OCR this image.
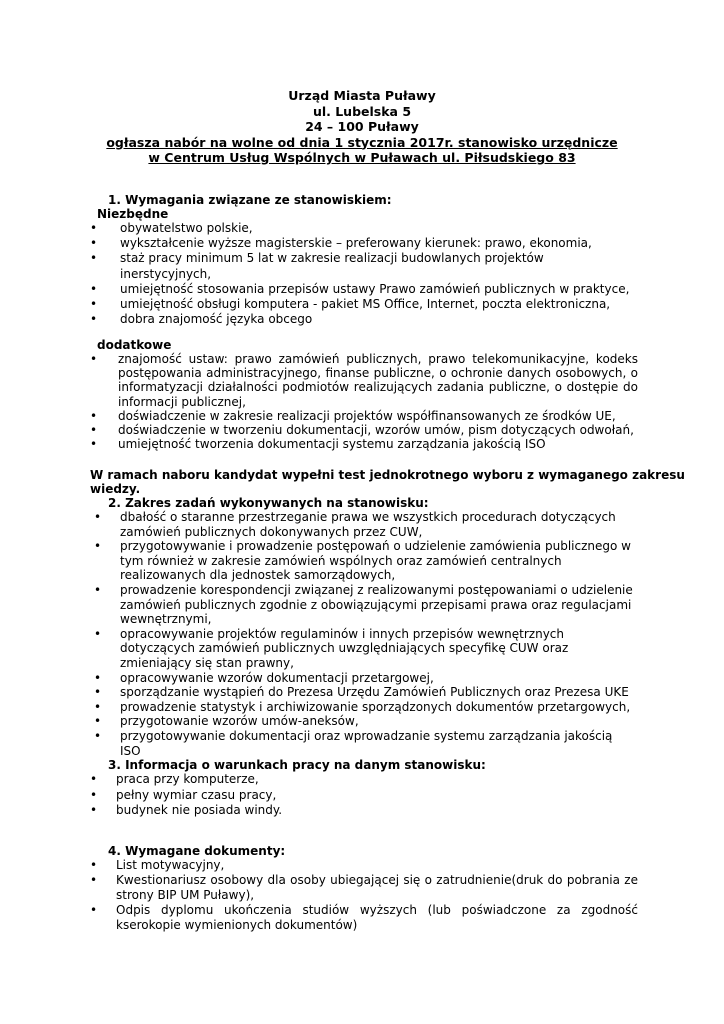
Urząd Miasta Puławy
ul. Lubelska 5
24 – 100 Puławy
ogłasza nabór na wolne od dnia 1 stycznia 2017r. stanowisko urzędnicze
w Centrum Usług Wspólnych w Puławach ul. Piłsudskiego 83
1. Wymagania związane ze stanowiskiem:
Niezbędne
• obywatelstwo polskie,
• wykształcenie wyższe magisterskie – preferowany kierunek: prawo, ekonomia,
• staż pracy minimum 5 lat w zakresie realizacji budowlanych projektów inerstycyjnych,
• umiejętność stosowania przepisów ustawy Prawo zamówień publicznych w praktyce,
• umiejętność obsługi komputera - pakiet MS Office, Internet, poczta elektroniczna,
• dobra znajomość języka obcego
dodatkowe
• znajomość ustaw: prawo zamówień publicznych, prawo telekomunikacyjne, kodeks postępowania administracyjnego, finanse publiczne, o ochronie danych osobowych, o informatyzacji działalności podmiotów realizujących zadania publiczne, o dostępie do informacji publicznej,
• doświadczenie w zakresie realizacji projektów współfinansowanych ze środków UE,
• doświadczenie w tworzeniu dokumentacji, wzorów umów, pism dotyczących odwołań,
• umiejętność tworzenia dokumentacji systemu zarządzania jakością ISO
W ramach naboru kandydat wypełni test jednokrotnego wyboru z wymaganego zakresu wiedzy.
2. Zakres zadań wykonywanych na stanowisku:
• dbałość o staranne przestrzeganie prawa we wszystkich procedurach dotyczących zamówień publicznych dokonywanych przez CUW,
• przygotowywanie i prowadzenie postępowań o udzielenie zamówienia publicznego w tym również w zakresie zamówień wspólnych oraz zamówień centralnych realizowanych dla jednostek samorządowych,
• prowadzenie korespondencji związanej z realizowanymi postępowaniami o udzielenie zamówień publicznych zgodnie z obowiązującymi przepisami prawa oraz regulacjami wewnętrznymi,
• opracowywanie projektów regulaminów i innych przepisów wewnętrznych dotyczących zamówień publicznych uwzględniających specyfikę CUW oraz zmieniający się stan prawny,
• opracowywanie wzorów dokumentacji przetargowej,
• sporządzanie wystąpień do Prezesa Urzędu Zamówień Publicznych oraz Prezesa UKE
• prowadzenie statystyk i archiwizowanie sporządzonych dokumentów przetargowych,
• przygotowanie wzorów umów-aneksów,
• przygotowywanie dokumentacji oraz wprowadzanie systemu zarządzania jakością ISO
3. Informacja o warunkach pracy na danym stanowisku:
• praca przy komputerze,
• pełny wymiar czasu pracy,
• budynek nie posiada windy.
4. Wymagane dokumenty:
• List motywacyjny,
• Kwestionariusz osobowy dla osoby ubiegającej się o zatrudnienie(druk do pobrania ze strony BIP UM Puławy),
• Odpis dyplomu ukończenia studiów wyższych (lub poświadczone za zgodność kserokopie wymienionych dokumentów)
